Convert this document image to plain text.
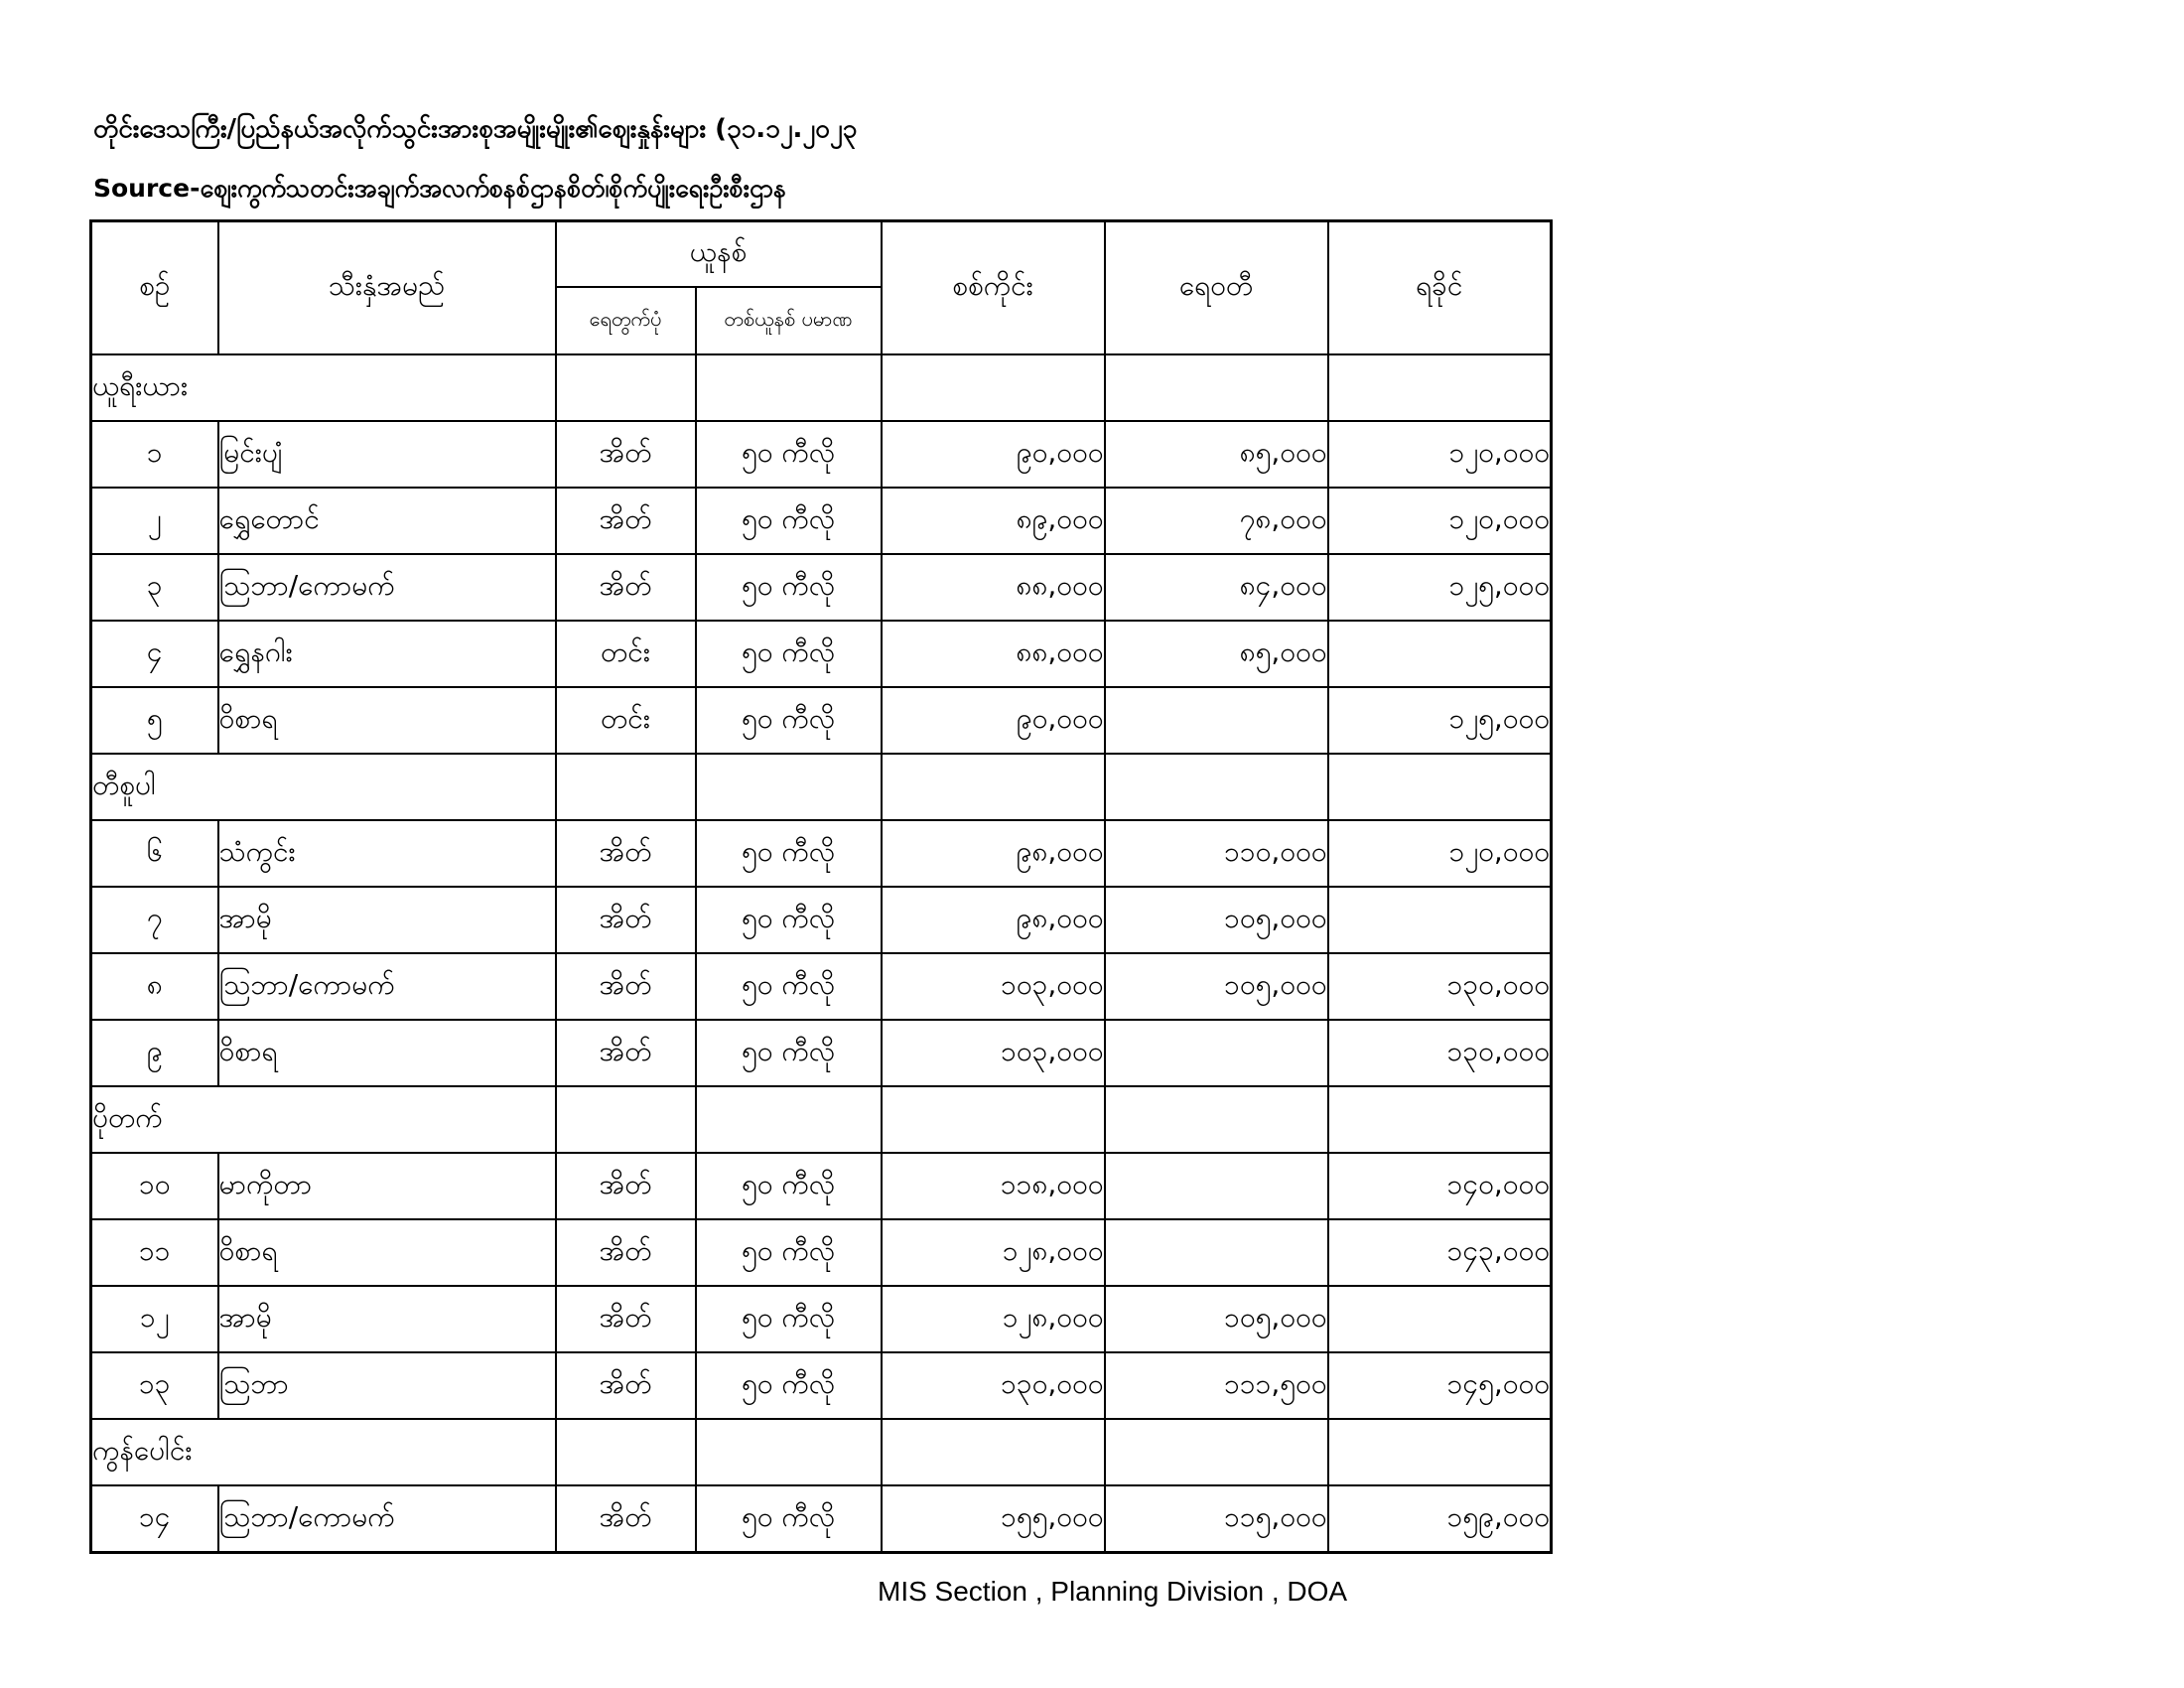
တိုင်းဒေသကြီး/ပြည်နယ်အလိုက်သွင်းအားစုအမျိုးမျိုး၏ဈေးနှုန်းများ (၃၁.၁၂.၂၀၂၃
Source-ဈေးကွက်သတင်းအချက်အလက်စနစ်ဌာနစိတ်၊စိုက်ပျိုးရေးဦးစီးဌာန
စဉ်	သီးနှံအမည်	ယူနစ်		စစ်ကိုင်း	ရေ၀တီ	ရခိုင်
		ရေတွက်ပုံ	တစ်ယူနစ် ပမာဏ			
ယူရီးယား						
၁	မြင်းပျံ	အိတ်	၅၀ ကီလို	၉၀,၀၀၀	၈၅,၀၀၀	၁၂၀,၀၀၀
၂	ရွှေတောင်	အိတ်	၅၀ ကီလို	၈၉,၀၀၀	၇၈,၀၀၀	၁၂၀,၀၀၀
၃	သြဘာ/ကောမက်	အိတ်	၅၀ ကီလို	၈၈,၀၀၀	၈၄,၀၀၀	၁၂၅,၀၀၀
၄	ရွှေနဂါး	တင်း	၅၀ ကီလို	၈၈,၀၀၀	၈၅,၀၀၀	
၅	ဝိစာရ	တင်း	၅၀ ကီလို	၉၀,၀၀၀		၁၂၅,၀၀၀
တီစူပါ						
၆	သံကွင်း	အိတ်	၅၀ ကီလို	၉၈,၀၀၀	၁၁၀,၀၀၀	၁၂၀,၀၀၀
၇	အာမို	အိတ်	၅၀ ကီလို	၉၈,၀၀၀	၁၀၅,၀၀၀	
၈	သြဘာ/ကောမက်	အိတ်	၅၀ ကီလို	၁၀၃,၀၀၀	၁၀၅,၀၀၀	၁၃၀,၀၀၀
၉	ဝိစာရ	အိတ်	၅၀ ကီလို	၁၀၃,၀၀၀		၁၃၀,၀၀၀
ပိုတက်						
၁၀	မာကိုတာ	အိတ်	၅၀ ကီလို	၁၁၈,၀၀၀		၁၄၀,၀၀၀
၁၁	ဝိစာရ	အိတ်	၅၀ ကီလို	၁၂၈,၀၀၀		၁၄၃,၀၀၀
၁၂	အာမို	အိတ်	၅၀ ကီလို	၁၂၈,၀၀၀	၁၀၅,၀၀၀	
၁၃	သြဘာ	အိတ်	၅၀ ကီလို	၁၃၀,၀၀၀	၁၁၁,၅၀၀	၁၄၅,၀၀၀
ကွန်ပေါင်း						
၁၄	သြဘာ/ကောမက်	အိတ်	၅၀ ကီလို	၁၅၅,၀၀၀	၁၁၅,၀၀၀	၁၅၉,၀၀၀
MIS Section , Planning Division , DOA
